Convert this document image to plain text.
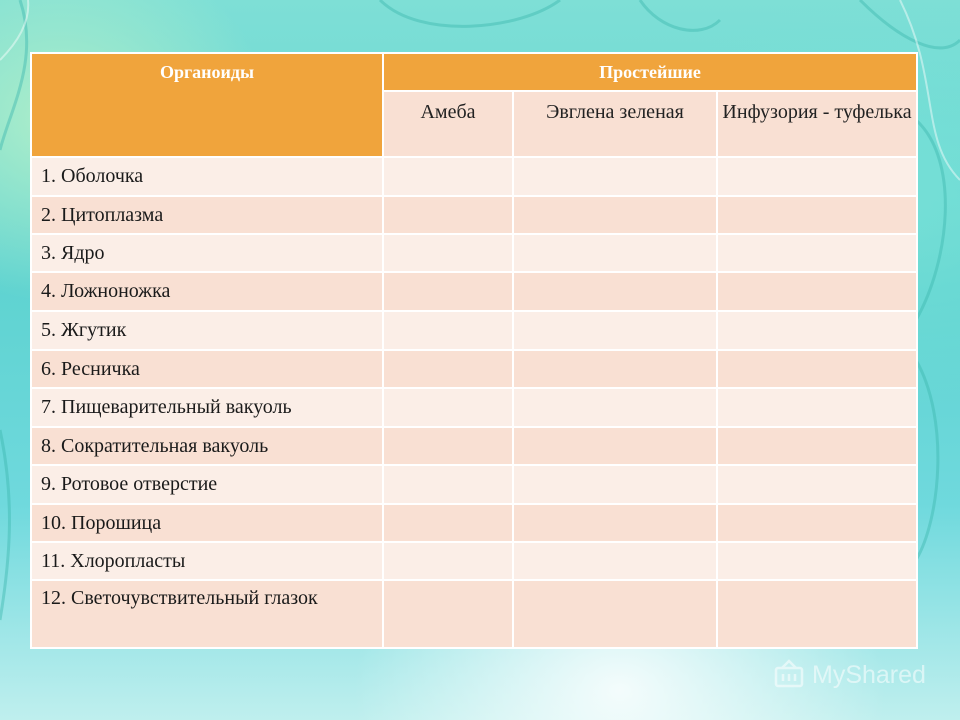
Органоиды	Простейшие		
	Амеба	Эвглена зеленая	Инфузория - туфелька
1. Оболочка			
2. Цитоплазма			
3. Ядро			
4. Ложноножка			
5. Жгутик			
6. Ресничка			
7. Пищеварительный вакуоль			
8. Сократительная вакуоль			
9. Ротовое отверстие			
10. Порошица			
11. Хлоропласты			
12. Светочувствительный глазок			
MyShared
